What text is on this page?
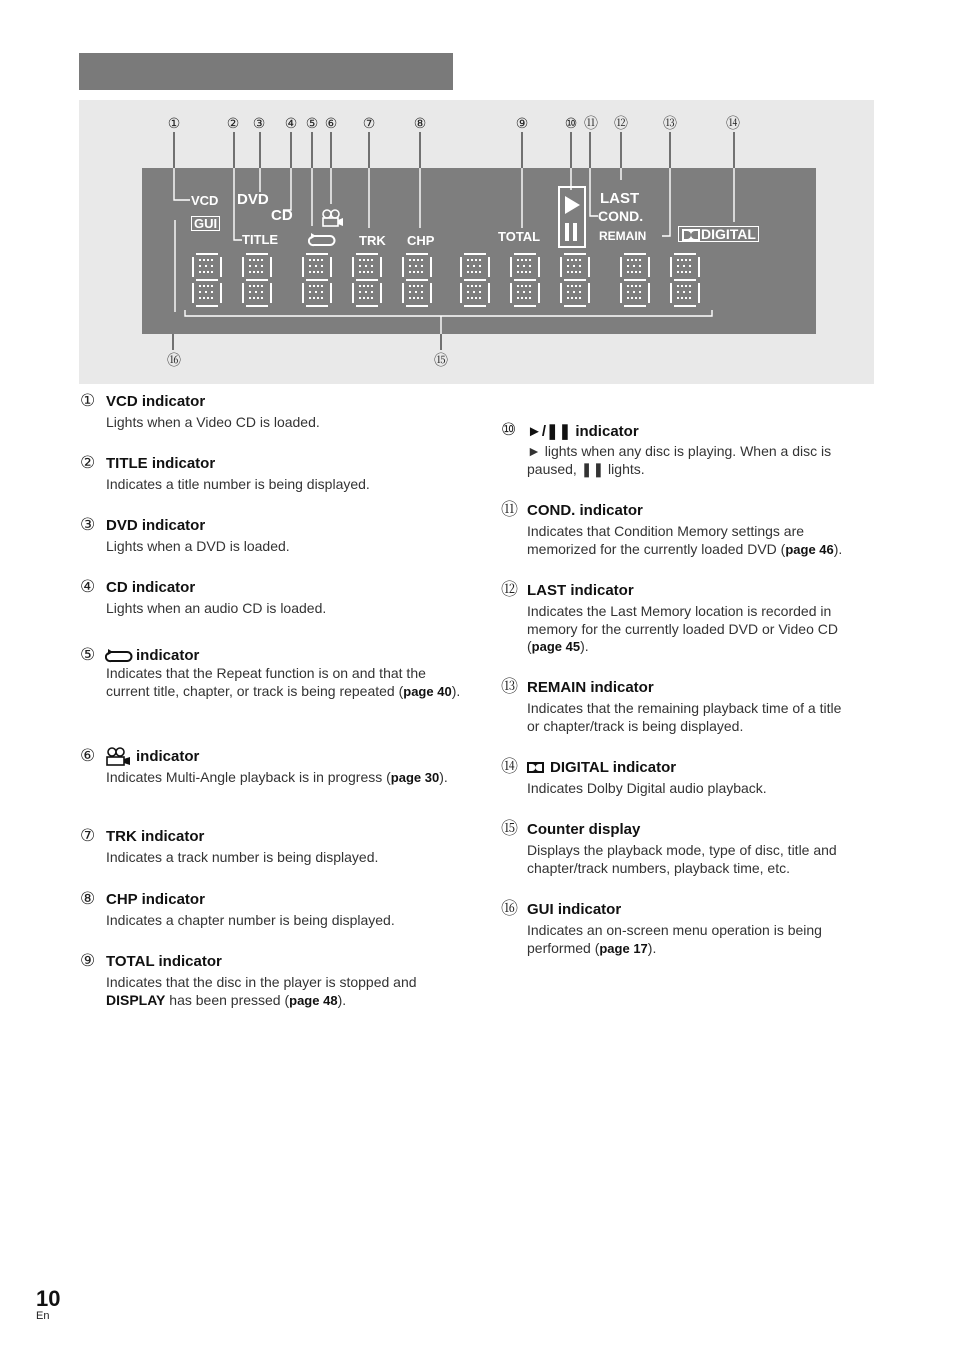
①	② ③	④ ⑤ ⑥	⑦	⑧	⑨	⑩ ⑪	⑫	⑬	⑭
⑮
⑯
VCD DVD
CD
GUI
TITLE	TRK CHP	TOTAL
LAST
COND.
REMAIN	DIGITAL
① VCD indicator
Lights when a Video CD is loaded.
② TITLE indicator
Indicates a title number is being displayed.
③ DVD indicator
Lights when a DVD is loaded.
④ CD indicator
Lights when an audio CD is loaded.
⑤	indicator
Indicates that the Repeat function is on and that the
current title, chapter, or track is being repeated (page 40).
⑥	indicator
Indicates Multi-Angle playback is in progress (page 30).
⑦ TRK indicator
Indicates a track number is being displayed.
⑧ CHP indicator
Indicates a chapter number is being displayed.
⑨ TOTAL indicator
Indicates that the disc in the player is stopped and
DISPLAY has been pressed (page 48).
⑩ ►/❚❚ indicator
► lights when any disc is playing. When a disc is
paused, ❚❚ lights.
⑪ COND. indicator
Indicates that Condition Memory settings are
memorized for the currently loaded DVD (page 46).
⑫ LAST indicator
Indicates the Last Memory location is recorded in
memory for the currently loaded DVD or Video CD
(page 45).
⑬ REMAIN indicator
Indicates that the remaining playback time of a title
or chapter/track is being displayed.
⑭ DIGITAL indicator
Indicates Dolby Digital audio playback.
⑮ Counter display
Displays the playback mode, type of disc, title and
chapter/track numbers, playback time, etc.
⑯ GUI indicator
Indicates an on-screen menu operation is being
performed (page 17).
10
En
